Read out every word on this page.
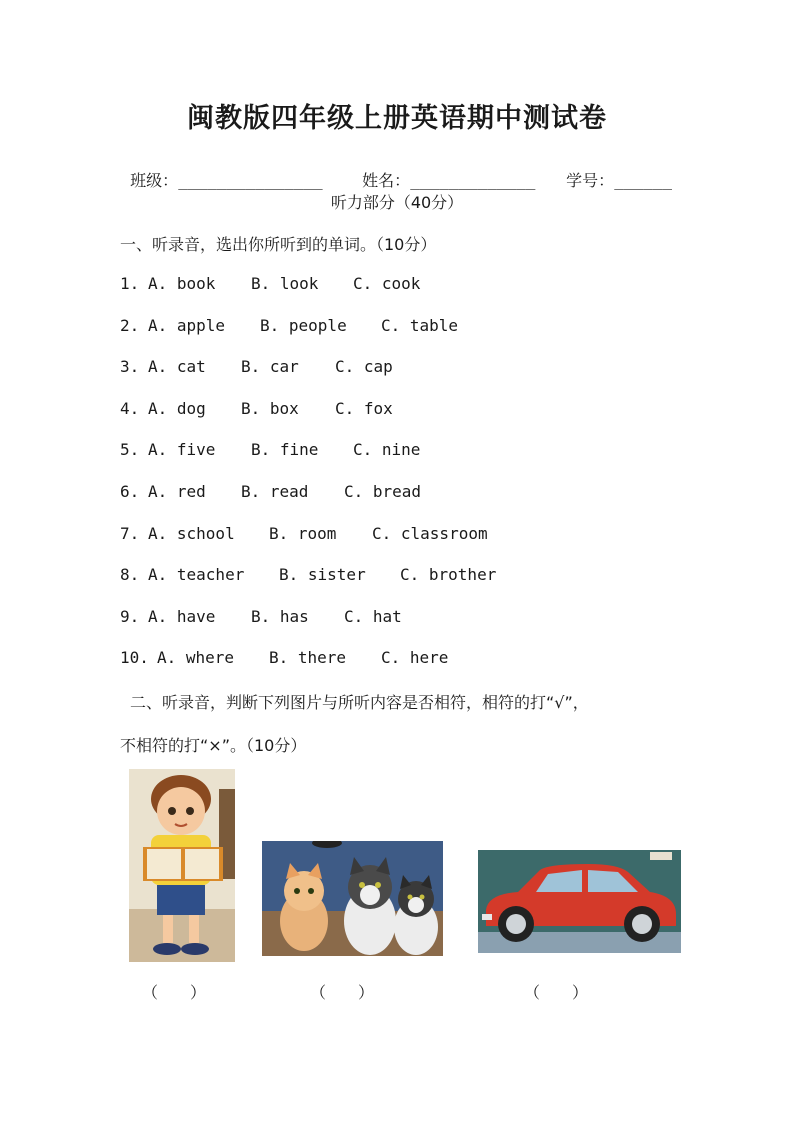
闽教版四年级上册英语期中测试卷

班级：_______________	姓名：_____________	学号：______

听力部分（40分）
一、听录音，选出你所听到的单词。（10分）
1. A. book B. look C. cook
2. A. apple B. people C. table
3. A. cat B. car C. cap
4. A. dog B. box C. fox
5. A. five B. fine C. nine
6. A. red B. read C. bread
7. A. school B. room C. classroom
8. A. teacher B. sister C. brother
9. A. have B. has C. hat
10. A. where B. there C. here
二、听录音，判断下列图片与所听内容是否相符，相符的打“√”，
不相符的打“×”。（10分）
（　　）	（　　）	（　　）
